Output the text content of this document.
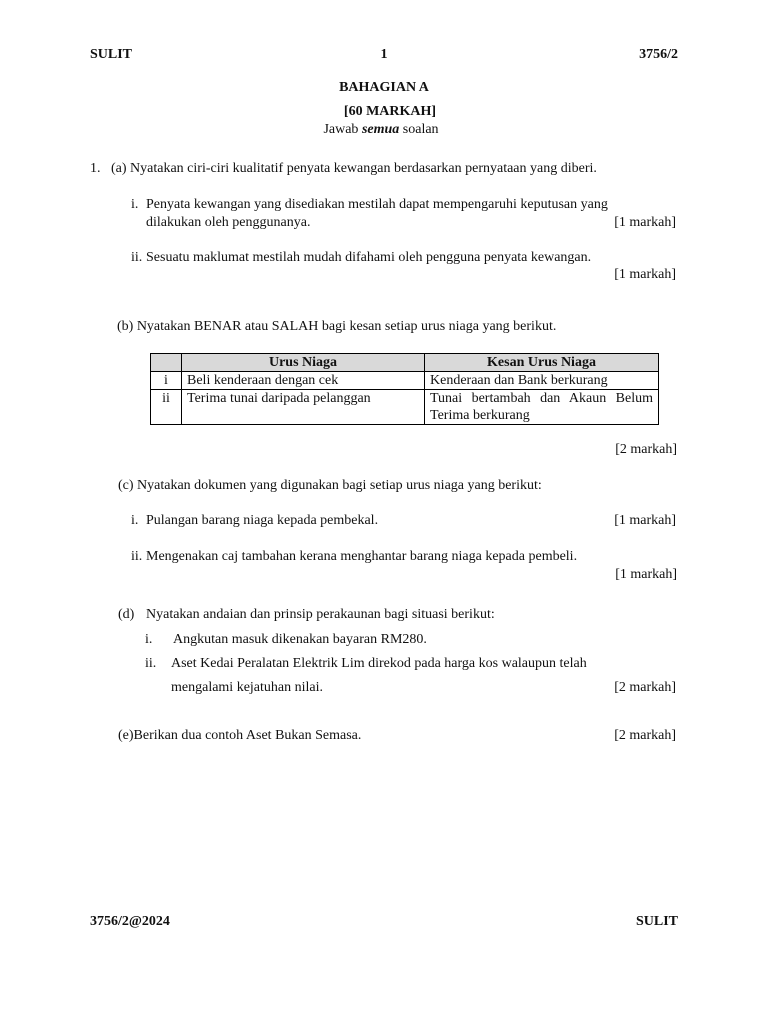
SULIT	1	3756/2
BAHAGIAN A
[60 MARKAH]
Jawab semua soalan
1. (a) Nyatakan ciri-ciri kualitatif penyata kewangan berdasarkan pernyataan yang diberi.
i. Penyata kewangan yang disediakan mestilah dapat mempengaruhi keputusan yang
dilakukan oleh penggunanya.	[1 markah]
ii. Sesuatu maklumat mestilah mudah difahami oleh pengguna penyata kewangan.
[1 markah]
(b) Nyatakan BENAR atau SALAH bagi kesan setiap urus niaga yang berikut.
	Urus Niaga	Kesan Urus Niaga
i	Beli kenderaan dengan cek	Kenderaan dan Bank berkurang
ii	Terima tunai daripada pelanggan	Tunai bertambah dan Akaun Belum
Terima berkurang
[2 markah]
(c) Nyatakan dokumen yang digunakan bagi setiap urus niaga yang berikut:
i. Pulangan barang niaga kepada pembekal.	[1 markah]
ii. Mengenakan caj tambahan kerana menghantar barang niaga kepada pembeli.
[1 markah]
(d) Nyatakan andaian dan prinsip perakaunan bagi situasi berikut:
i. Angkutan masuk dikenakan bayaran RM280.
ii. Aset Kedai Peralatan Elektrik Lim direkod pada harga kos walaupun telah
mengalami kejatuhan nilai.	[2 markah]
(e)Berikan dua contoh Aset Bukan Semasa.	[2 markah]
3756/2@2024	SULIT
